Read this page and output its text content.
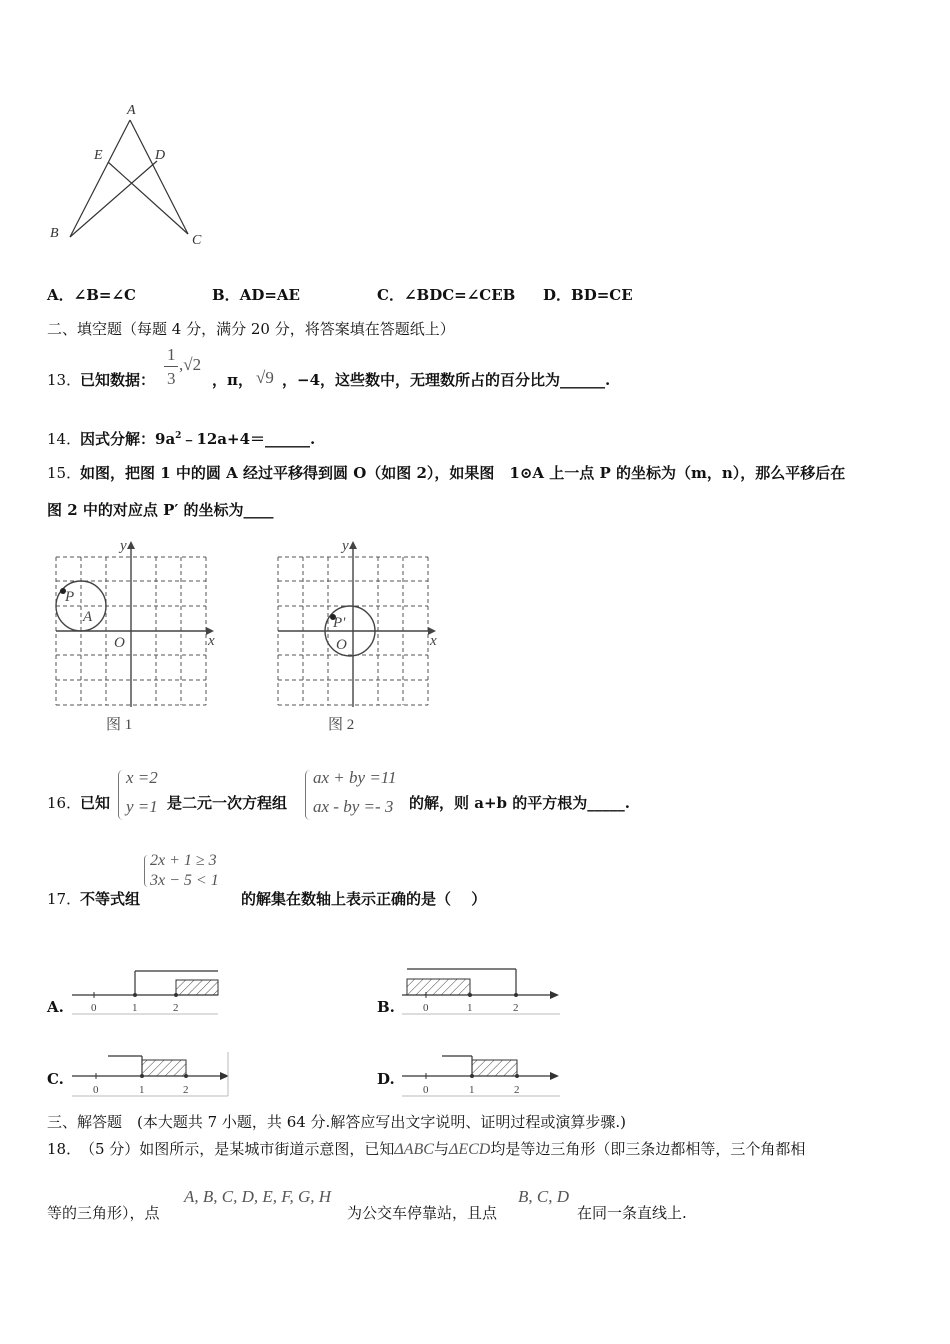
A
E	D
B	C
A．∠B=∠C	B．AD=AE	C．∠BDC=∠CEB D．BD=CE
二、填空题（每题 4 分，满分 20 分，将答案填在答题纸上）
13．
已知数据：
1
3
,√2
，π， √9 ，−4，这些数中，无理数所占的百分比为______.
14．
因式分解：$9a^2﹣12a+4=\_\_\_\_\_\_$.
15．
如图，把图 1 中的圆 A 经过平移得到圆 O（如图 2），如果图　1⊙A 上一点 P 的坐标为（m，n），那么平移后在
图 2 中的对应点 P′ 的坐标为____
y
x
O
P
A
图 1
y
x
O
P'
图 2
16．
已知
x =2
y =1 是二元一次方程组
ax + by =11
ax - by =- 3 的解，则 a+b 的平方根为_____.
17．
不等式组
2x + 1 ≥ 3
3x − 5 < 1
的解集在数轴上表示正确的是（　 ）
A. 0	1	2	B.	0	1	2
C.
0	1	2
D.
0	1	2
三、解答题　(本大题共 7 小题，共 64 分.解答应写出文字说明、证明过程或演算步骤.)
18．
（5 分）如图所示，是某城市街道示意图，已知ΔABC与ΔECD均是等边三角形（即三条边都相等，三个角都相
等的三角形），点
A, B, C, D, E, F, G, H
为公交车停靠站，且点
B, C, D
在同一条直线上.
